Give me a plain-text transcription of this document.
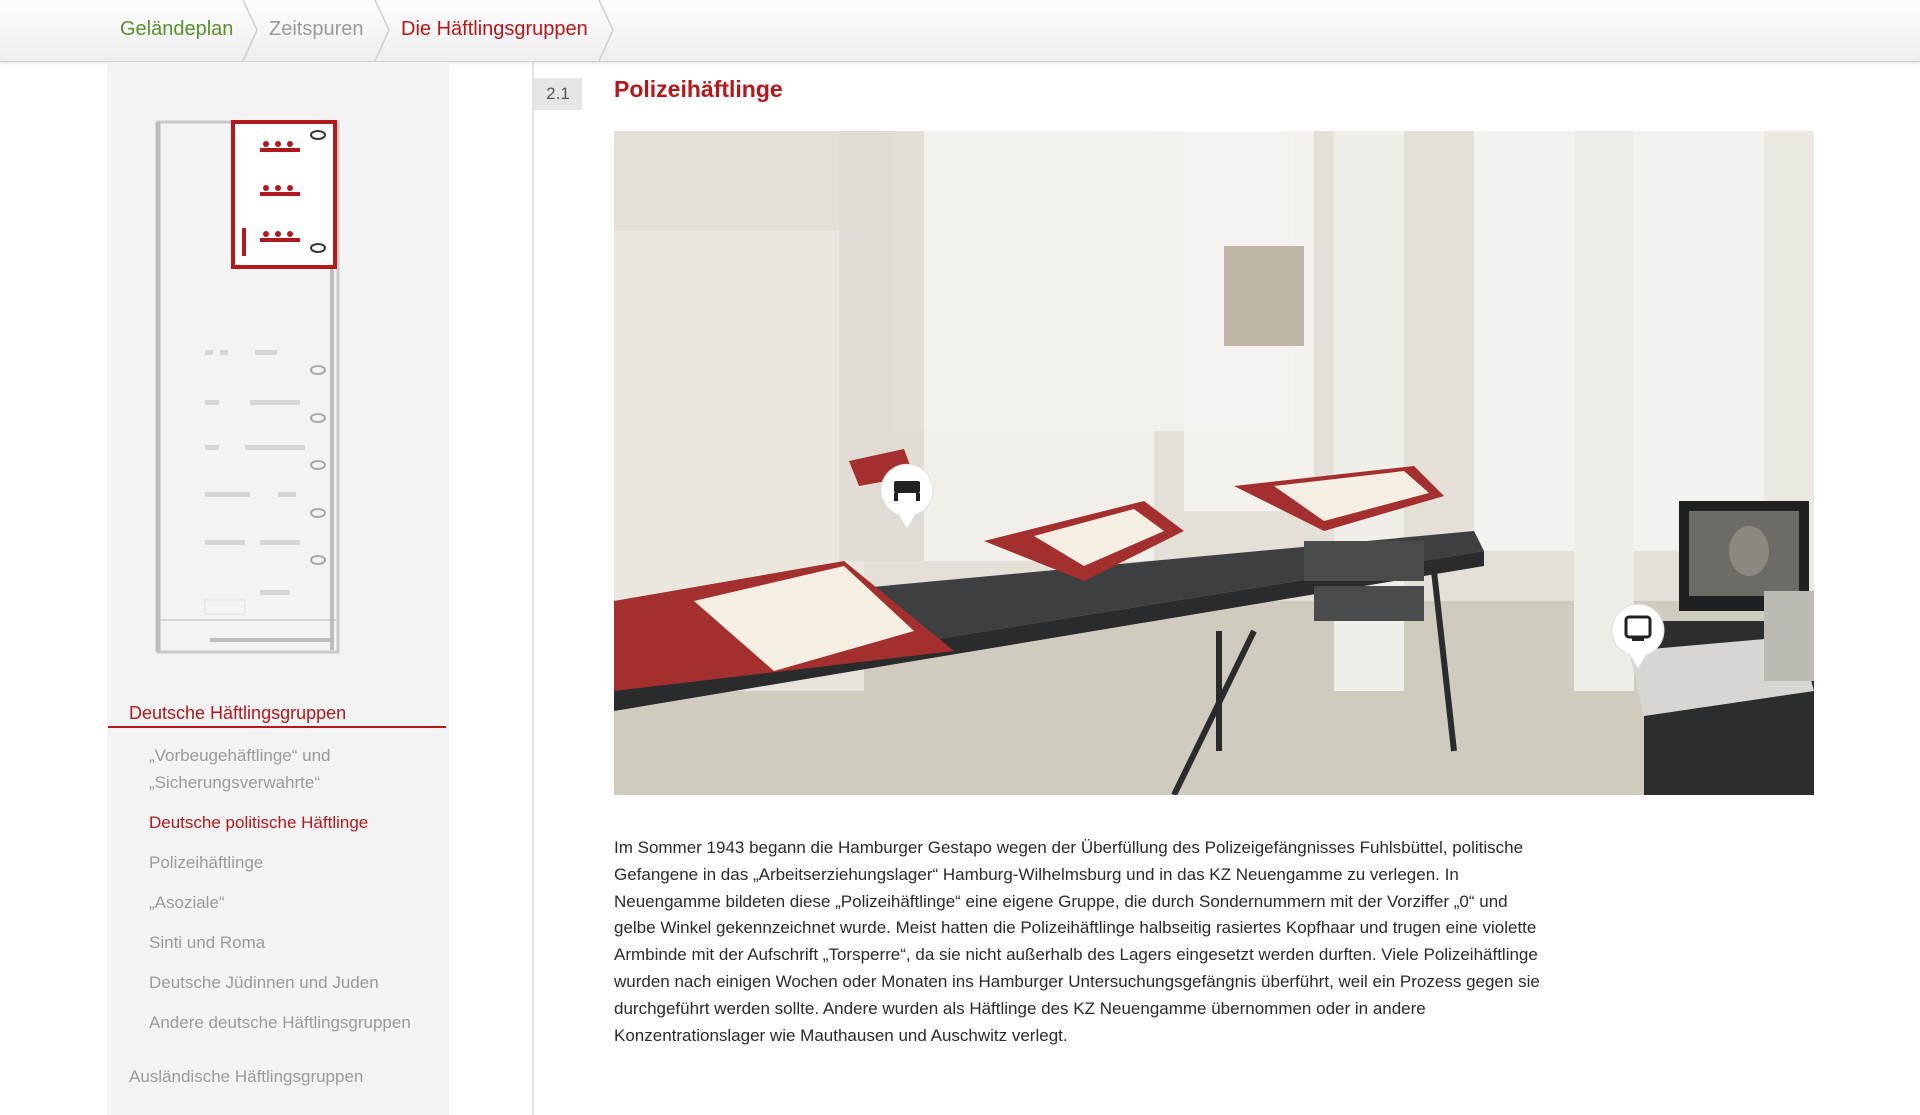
Geländeplan Zeitspuren Die Häftlingsgruppen
Deutsche Häftlingsgruppen
„Vorbeugehäftlinge“ und
„Sicherungsverwahrte“
Deutsche politische Häftlinge
Polizeihäftlinge
„Asoziale“
Sinti und Roma
Deutsche Jüdinnen und Juden
Andere deutsche Häftlingsgruppen
Ausländische Häftlingsgruppen
2.1	Polizeihäftlinge
Im Sommer 1943 begann die Hamburger Gestapo wegen der Überfüllung des Polizeigefängnisses Fuhlsbüttel, politische
Gefangene in das „Arbeitserziehungslager“ Hamburg-Wilhelmsburg und in das KZ Neuengamme zu verlegen. In
Neuengamme bildeten diese „Polizeihäftlinge“ eine eigene Gruppe, die durch Sondernummern mit der Vorziffer „0“ und
gelbe Winkel gekennzeichnet wurde. Meist hatten die Polizeihäftlinge halbseitig rasiertes Kopfhaar und trugen eine violette
Armbinde mit der Aufschrift „Torsperre“, da sie nicht außerhalb des Lagers eingesetzt werden durften. Viele Polizeihäftlinge
wurden nach einigen Wochen oder Monaten ins Hamburger Untersuchungsgefängnis überführt, weil ein Prozess gegen sie
durchgeführt werden sollte. Andere wurden als Häftlinge des KZ Neuengamme übernommen oder in andere
Konzentrationslager wie Mauthausen und Auschwitz verlegt.
